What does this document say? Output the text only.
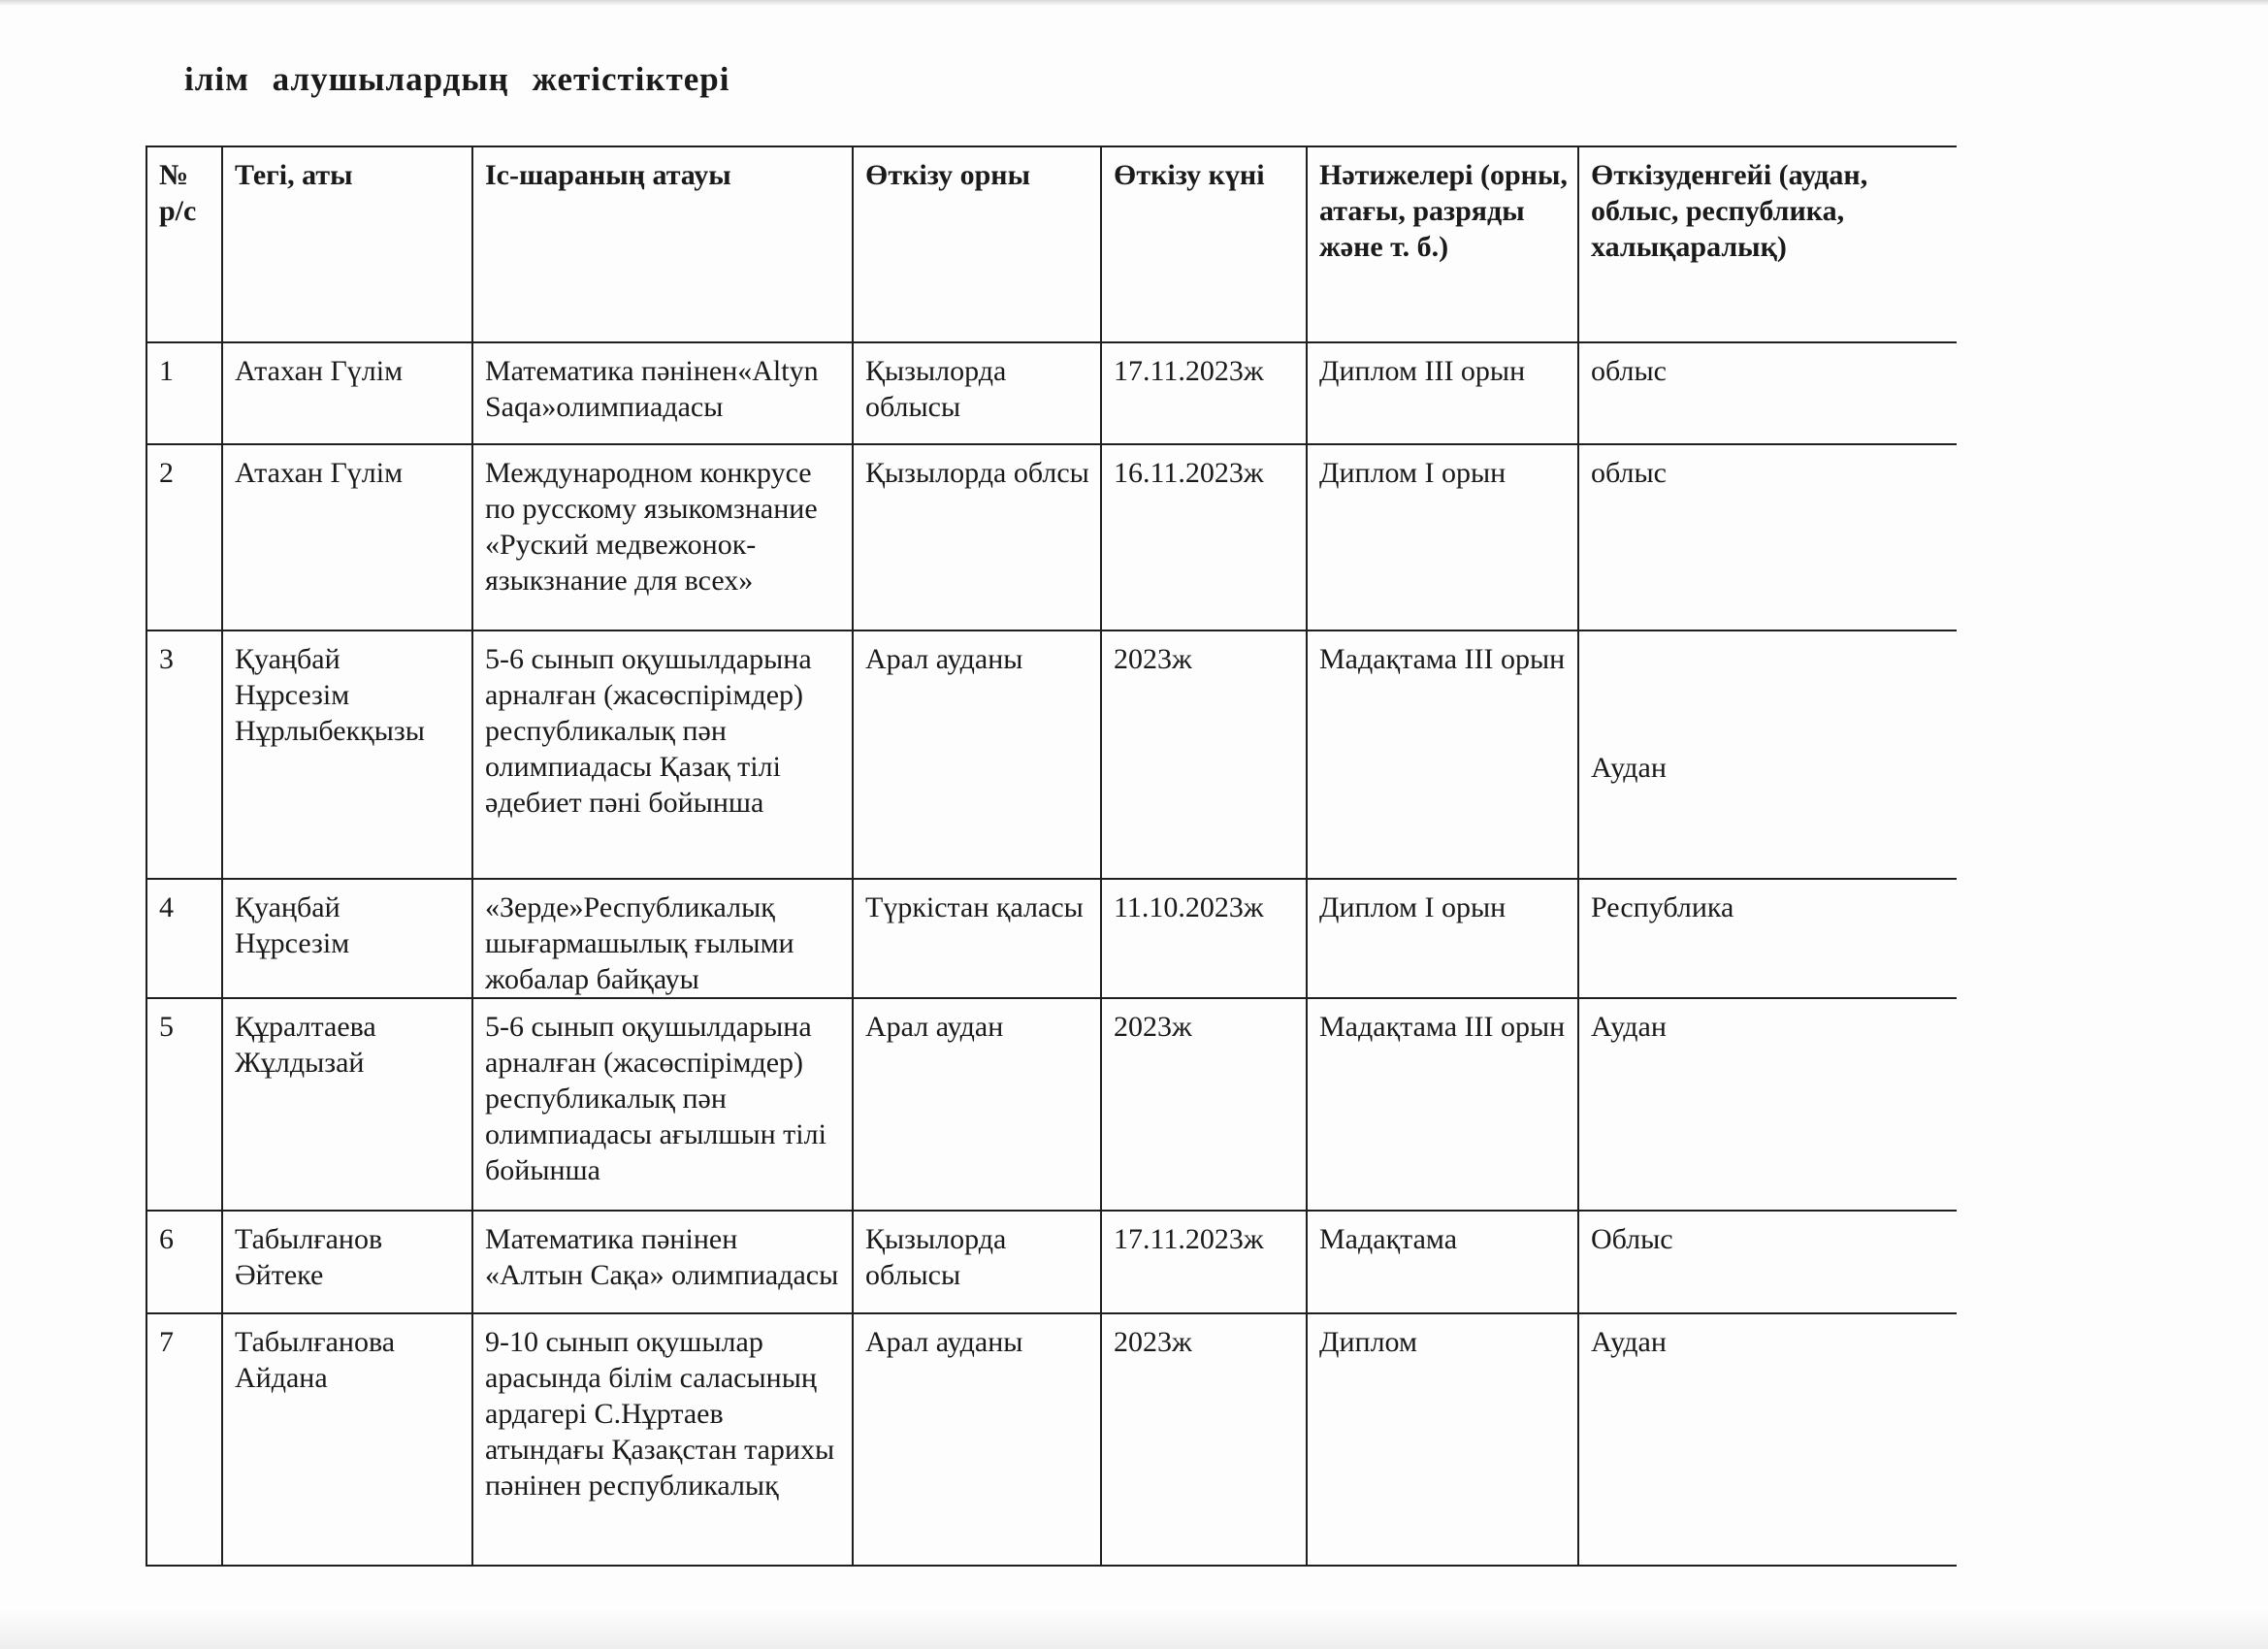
ілім алушылардың жетістіктері
№ р/с	Тегі, аты	Іс-шараның атауы	Өткізу орны	Өткізу күні	Нәтижелері (орны, атағы, разряды және т. б.)	Өткізуденгейі (аудан, облыс, республика, халықаралық)
1	Атахан Гүлім	Математика пәнінен«Altyn Saqa»олимпиадасы	Қызылорда облысы	17.11.2023ж	Диплом III орын	облыс
2	Атахан Гүлім	Международном конкрусе по русскому языкомзнание «Руский медвежонок-языкзнание для всех»	Қызылорда облсы	16.11.2023ж	Диплом I орын	облыс
3	Қуаңбай Нұрсезім Нұрлыбекқызы	5-6 сынып оқушылдарына арналған (жасөспірімдер) республикалық пән олимпиадасы Қазақ тілі әдебиет пәні бойынша	Арал ауданы	2023ж	Мадақтама III орын	Аудан

4	Қуаңбай Нұрсезім	«Зерде»Республикалық шығармашылық ғылыми жобалар байқауы	Түркістан қаласы	11.10.2023ж	Диплом I орын	Республика
5	Құралтаева Жұлдызай	5-6 сынып оқушылдарына арналған (жасөспірімдер) республикалық пән олимпиадасы ағылшын тілі бойынша	Арал аудан	2023ж	Мадақтама III орын	Аудан
6	Табылғанов Әйтеке	Математика пәнінен «Алтын Сақа» олимпиадасы	Қызылорда облысы	17.11.2023ж	Мадақтама	Облыс
7	Табылғанова Айдана	9-10 сынып оқушылар арасында білім саласының ардагері С.Нұртаев атындағы Қазақстан тарихы пәнінен республикалық	Арал ауданы	2023ж	Диплом	Аудан
